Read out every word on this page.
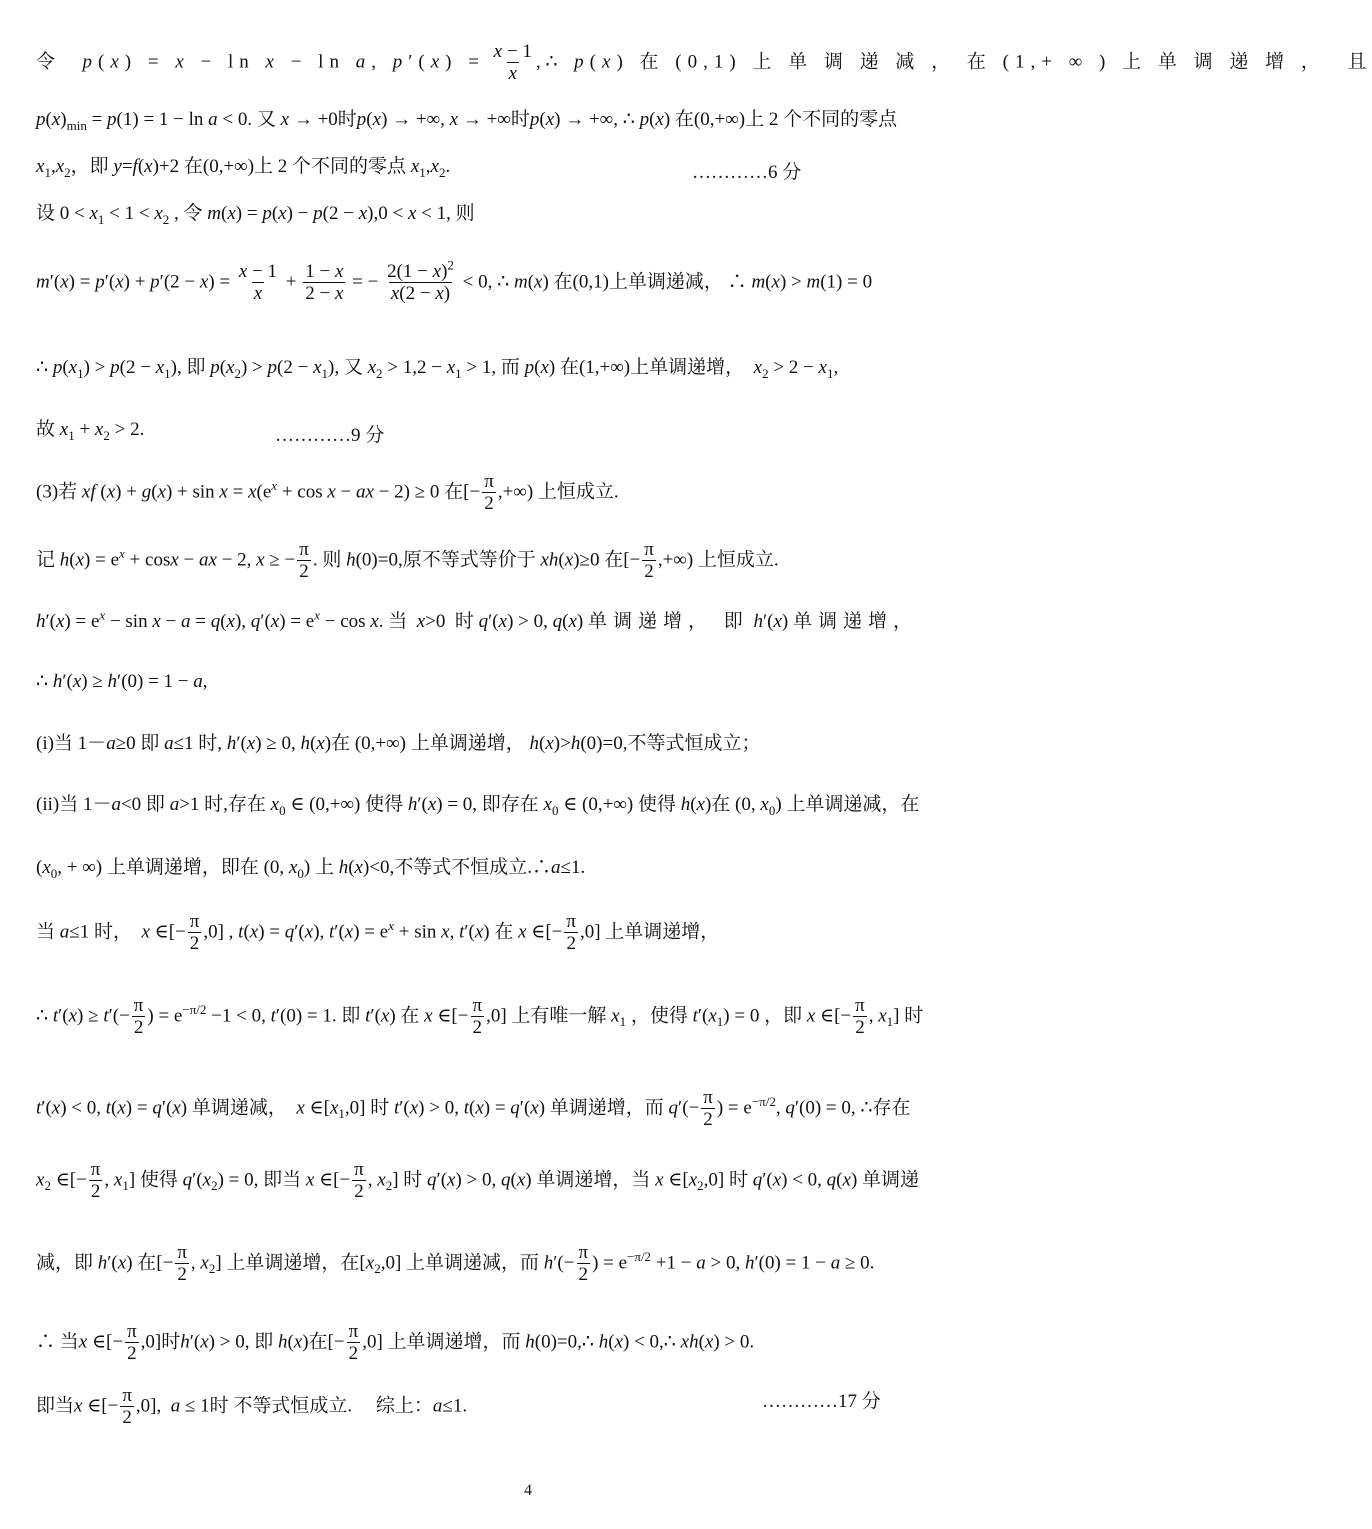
令  p(x) = x − ln x − ln a, $p'(x) = \frac{x - 1}{x}$ , ∴ p(x) 在 (0,1) 上 单 调 递 减 ， 在 (1,+ ∞ ) 上 单 调 递 增 ，  且
$p(x)_{min} = p(1) = 1 - \ln a < 0$. 又 x → +0时p(x) → +∞, x → +∞时p(x) → +∞, ∴ p(x) 在(0,+∞)上 2 个不同的零点
$x_1,x_2$，即 y=f(x)+2 在(0,+∞)上 2 个不同的零点 $x_1,x_2$.	…………6 分
设 $0 < x_1 < 1 < x_2$ , 令 m(x) = p(x) − p(2 − x),0 < x < 1, 则
$m'(x) = p'(x) + p'(2 - x) = \frac{x - 1}{x} + \frac{1 - x}{2 - x}$ = − $\frac{2(1 - x)^2}{x(2 - x)} < 0$, ∴ m(x) 在(0,1)上单调递减， ∴ m(x) > m(1) = 0
∴ $p(x_1) > p(2 - x_1)$, 即 $p(x_2) > p(2 - x_1)$, 又 $x_2 > 1,2 - x_1 > 1$, 而 p(x) 在(1,+∞)上单调递增，  $x_2 > 2 - x_1$,
故 $x_1 + x_2 > 2$.	…………9 分
(3)若 xf $(x) + g(x) + \sin x = x(e^x + \cos x$ − ax − 2) ≥ 0 在[− $\frac{\pi}{2}$ ,+∞) 上恒成立.
记 $h(x) = e^x + \cos x$ − ax − 2, x ≥ − $\frac{\pi}{2}$ . 则 h(0)=0,原不等式等价于 xh(x)≥0 在[− $\frac{\pi}{2}$ ,+∞) 上恒成立.
$h'(x) = e^x - \sin x - a = q(x)$, $q'(x) = e^x - \cos x$. 当  x>0  时 q′(x) > 0, q(x) 单调递增， 即 h′(x) 单调递增，
∴ h′(x) ≥ h′(0) = 1 − a,
(i)当 1－a≥0 即 a≤1 时, h′(x) ≥ 0, h(x)在 (0,+∞) 上单调递增， h(x)>h(0)=0,不等式恒成立；
(ii)当 1－a<0 即 a>1 时,存在 $x_0$ ∈ (0,+∞) 使得 h′(x) = 0, 即存在 $x_0$ ∈ (0,+∞) 使得 h(x)在 (0, $x_0$) 上单调递减，在
($x_0$, + ∞) 上单调递增，即在 (0, $x_0$) 上 h(x)<0,不等式不恒成立.∴a≤1.
当 a≤1 时，  x ∈[− $\frac{\pi}{2} ,0$] , t(x) = q′(x), $t'(x) = e^x + \sin x$, t′(x) 在 x ∈[− $\frac{\pi}{2} ,0$] 上单调递增，
∴ $t'(x) \ge t'(- \frac{\pi}{2}$ ) = $e^{-\pi/2} -1 < 0$, t′(0) = 1. 即 t′(x) 在 x ∈[− $\frac{\pi}{2} ,0$] 上有唯一解 $x_1$ ，使得 $t'(x_1) = 0$ ，即 x ∈[− $\frac{\pi}{2}$ , $x_1$] 时
t′(x) < 0, t(x) = q′(x) 单调递减，  x $\in[x_1,0]$ 时 t′(x) > 0, t(x) = q′(x) 单调递增，而 $q'(- \frac{\pi}{2}$ ) = $e^{-\pi/2}$, q′(0) = 0, ∴存在
$x_2$ ∈[− $\frac{\pi}{2}$ , $x_1$] 使得 $q'(x_2) = 0$, 即当 x ∈[− $\frac{\pi}{2}$ , $x_2$] 时 q′(x) > 0, q(x) 单调递增，当 x $\in[x_2,0]$ 时 q′(x) < 0, q(x) 单调递
减，即 h′(x) 在[− $\frac{\pi}{2}$ , $x_2$] 上单调递增，在$[x_2,0]$ 上单调递减，而 $h'(- \frac{\pi}{2}$ ) = $e^{-\pi/2} +1 - a > 0$, h′(0) = 1 − a ≥ 0.
∴ 当x ∈[− $\frac{\pi}{2} ,0$]时h′(x) > 0, 即 h(x)在[− $\frac{\pi}{2} ,0$] 上单调递增，而 h(0)=0,∴ h(x) < 0,∴ xh(x) > 0.
即当x ∈[− $\frac{\pi}{2} ,0$],  a ≤ 1时 不等式恒成立.     综上：a≤1.	…………17 分
4
